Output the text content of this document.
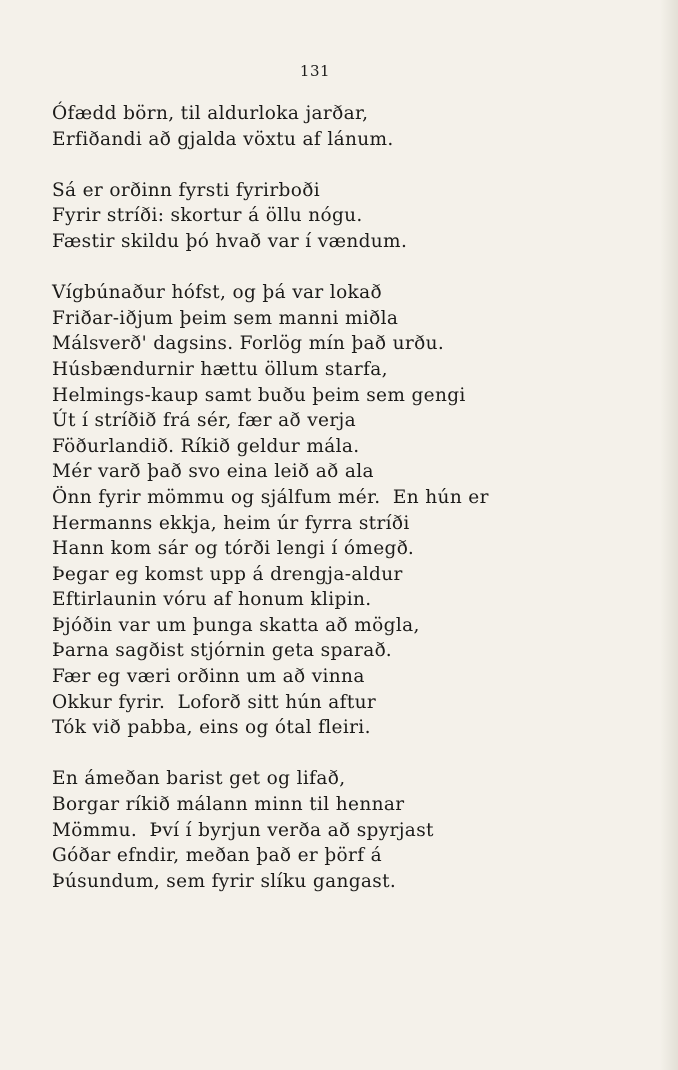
131
Ófædd börn, til aldurloka jarðar,
Erfiðandi að gjalda vöxtu af lánum.
Sá er orðinn fyrsti fyrirboði
Fyrir stríði: skortur á öllu nógu.
Fæstir skildu þó hvað var í vændum.
Vígbúnaður hófst, og þá var lokað
Friðar-iðjum þeim sem manni miðla
Málsverð' dagsins. Forlög mín það urðu.
Húsbændurnir hættu öllum starfa,
Helmings-kaup samt buðu þeim sem gengi
Út í stríðið frá sér, fær að verja
Föðurlandið. Ríkið geldur mála.
Mér varð það svo eina leið að ala
Önn fyrir mömmu og sjálfum mér.  En hún er
Hermanns ekkja, heim úr fyrra stríði
Hann kom sár og tórði lengi í ómegð.
Þegar eg komst upp á drengja-aldur
Eftirlaunin vóru af honum klipin.
Þjóðin var um þunga skatta að mögla,
Þarna sagðist stjórnin geta sparað.
Fær eg væri orðinn um að vinna
Okkur fyrir.  Loforð sitt hún aftur
Tók við pabba, eins og ótal fleiri.
En ámeðan barist get og lifað,
Borgar ríkið málann minn til hennar
Mömmu.  Því í byrjun verða að spyrjast
Góðar efndir, meðan það er þörf á
Þúsundum, sem fyrir slíku gangast.
